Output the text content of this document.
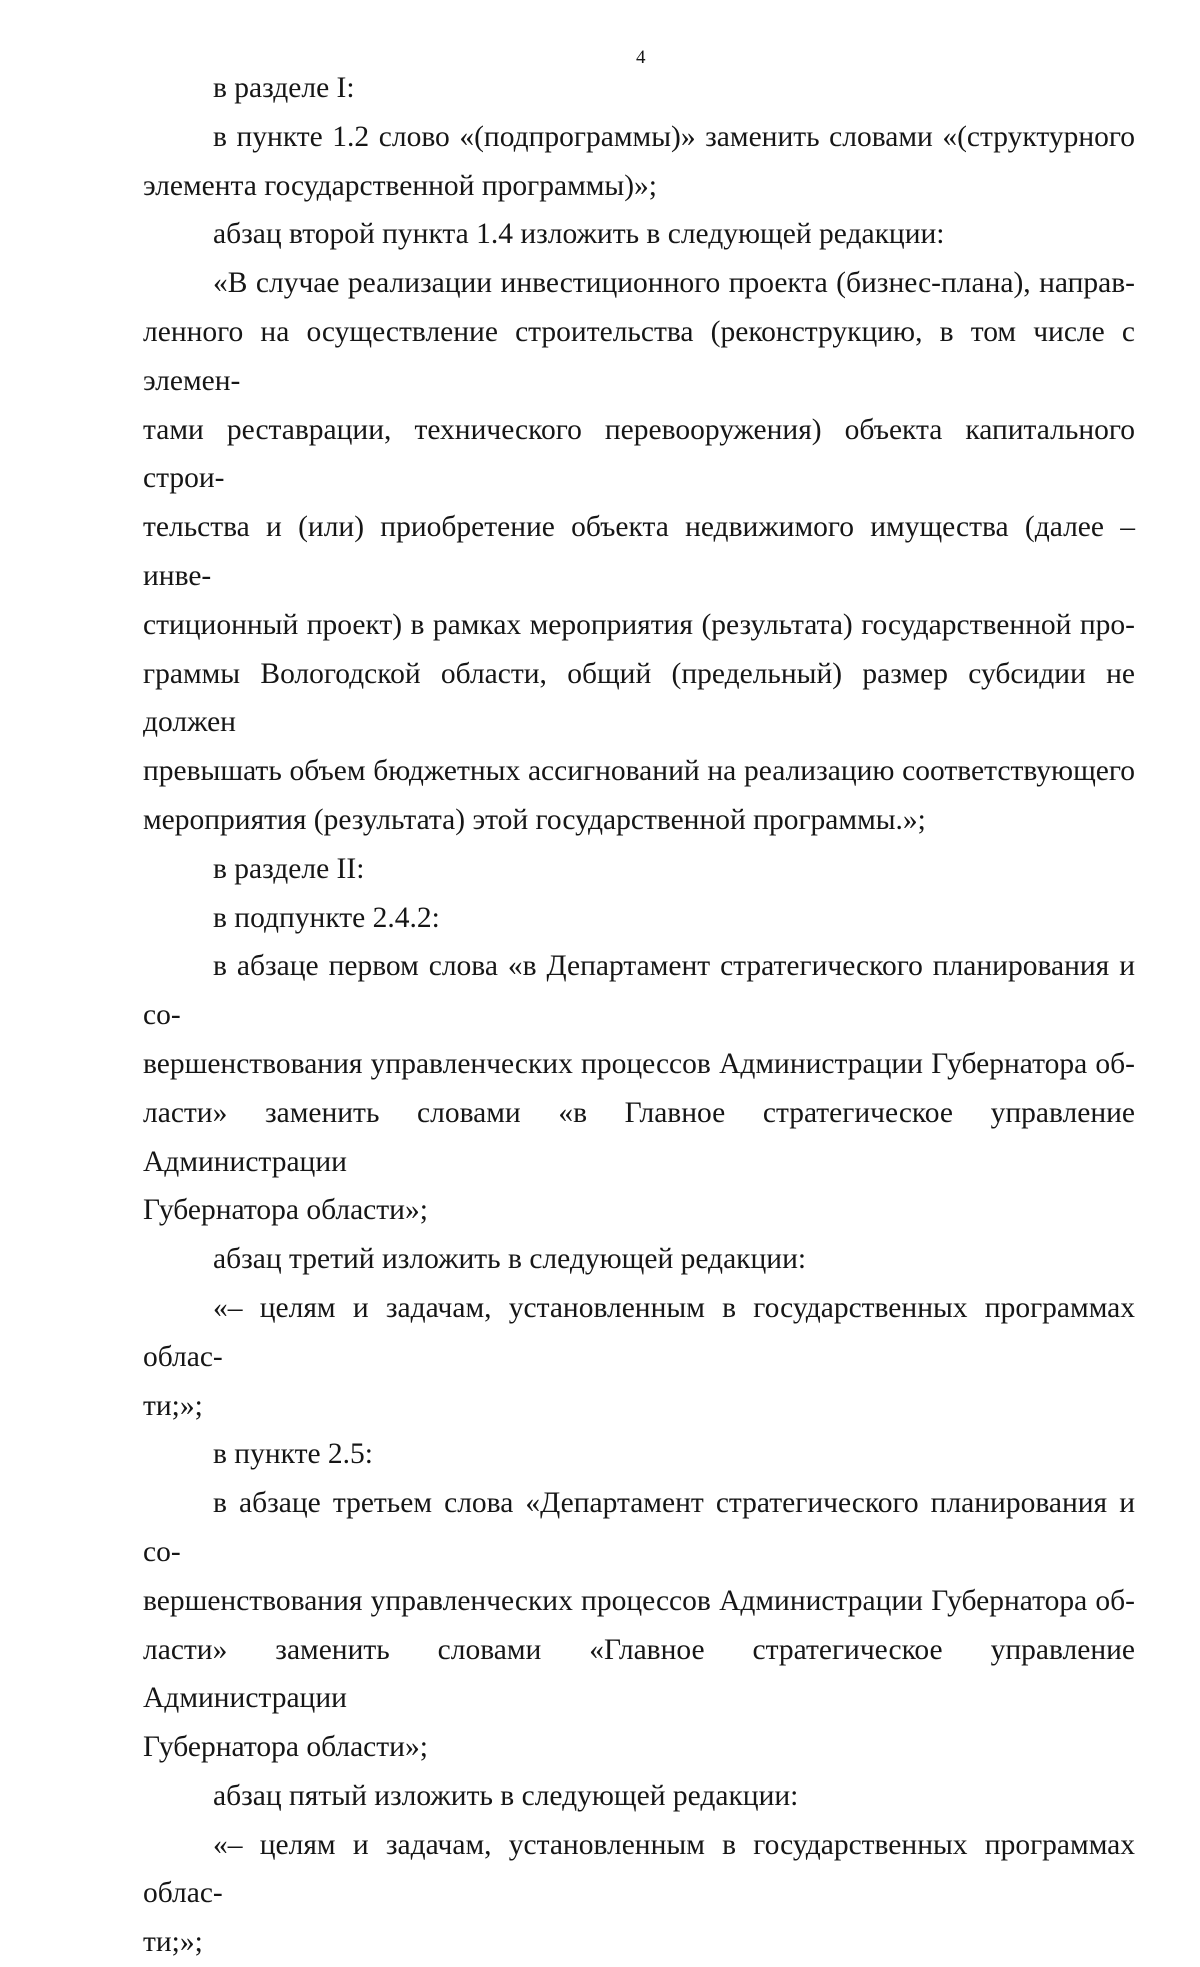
4
в разделе I:
в пункте 1.2 слово «(подпрограммы)» заменить словами «(структурного
элемента государственной программы)»;
абзац второй пункта 1.4 изложить в следующей редакции:
«В случае реализации инвестиционного проекта (бизнес-плана), направ-
ленного на осуществление строительства (реконструкцию, в том числе с элемен-
тами реставрации, технического перевооружения) объекта капитального строи-
тельства и (или) приобретение объекта недвижимого имущества (далее – инве-
стиционный проект) в рамках мероприятия (результата) государственной про-
граммы Вологодской области, общий (предельный) размер субсидии не должен
превышать объем бюджетных ассигнований на реализацию соответствующего
мероприятия (результата) этой государственной программы.»;
в разделе II:
в подпункте 2.4.2:
в абзаце первом слова «в Департамент стратегического планирования и со-
вершенствования управленческих процессов Администрации Губернатора об-
ласти» заменить словами «в Главное стратегическое управление Администрации
Губернатора области»;
абзац третий изложить в следующей редакции:
«– целям и задачам, установленным в государственных программах облас-
ти;»;
в пункте 2.5:
в абзаце третьем слова «Департамент стратегического планирования и со-
вершенствования управленческих процессов Администрации Губернатора об-
ласти» заменить словами «Главное стратегическое управление Администрации
Губернатора области»;
абзац пятый изложить в следующей редакции:
«– целям и задачам, установленным в государственных программах облас-
ти;»;
